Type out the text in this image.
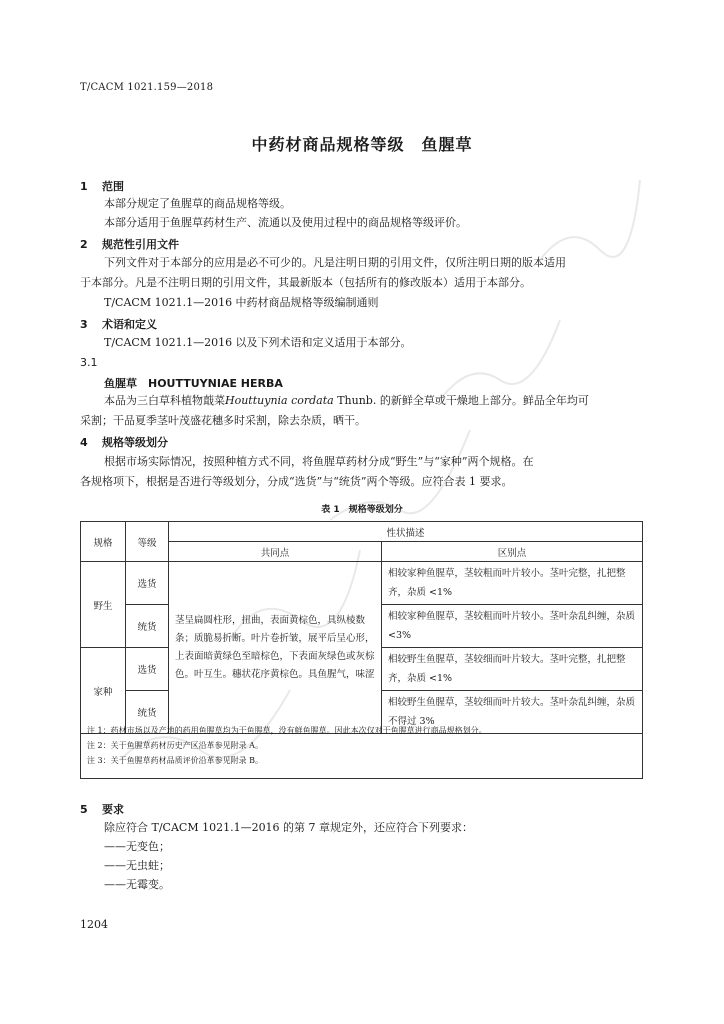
T/CACM 1021.159—2018
中药材商品规格等级　鱼腥草
1 范围
本部分规定了鱼腥草的商品规格等级。
本部分适用于鱼腥草药材生产、流通以及使用过程中的商品规格等级评价。
2 规范性引用文件
下列文件对于本部分的应用是必不可少的。凡是注明日期的引用文件，仅所注明日期的版本适用
于本部分。凡是不注明日期的引用文件，其最新版本（包括所有的修改版本）适用于本部分。
T/CACM 1021.1—2016 中药材商品规格等级编制通则
3 术语和定义
T/CACM 1021.1—2016 以及下列术语和定义适用于本部分。
3.1
鱼腥草　HOUTTUYNIAE HERBA
本品为三白草科植物蕺菜Houttuynia cordata Thunb. 的新鲜全草或干燥地上部分。鲜品全年均可
采割；干品夏季茎叶茂盛花穗多时采割，除去杂质，晒干。
4 规格等级划分
根据市场实际情况，按照种植方式不同，将鱼腥草药材分成“野生”与“家种”两个规格。在
各规格项下，根据是否进行等级划分，分成“选货”与“统货”两个等级。应符合表 1 要求。
表 1　规格等级划分
规格	等级	性状描述	
		共同点	区别点
野生	选货	茎呈扁圆柱形，扭曲，表面黄棕色，具纵棱数条；质脆易折断。叶片卷折皱，展平后呈心形，上表面暗黄绿色至暗棕色，下表面灰绿色或灰棕色。叶互生。穗状花序黄棕色。具鱼腥气，味涩	相较家种鱼腥草，茎较粗而叶片较小。茎叶完整，扎把整齐，杂质 <1%
	统货		相较家种鱼腥草，茎较粗而叶片较小。茎叶杂乱纠缠，杂质 <3%
家种	选货		相较野生鱼腥草，茎较细而叶片较大。茎叶完整，扎把整齐，杂质 <1%
	统货		相较野生鱼腥草，茎较细而叶片较大。茎叶杂乱纠缠，杂质不得过 3%
注 1：药材市场以及产地的药用鱼腥草均为干鱼腥草，没有鲜鱼腥草。因此本次仅对干鱼腥草进行商品规格划分。
注 2：关于鱼腥草药材历史产区沿革参见附录 A。
注 3：关于鱼腥草药材品质评价沿革参见附录 B。
5 要求
除应符合 T/CACM 1021.1—2016 的第 7 章规定外，还应符合下列要求：
——无变色；
——无虫蛀；
——无霉变。
1204
